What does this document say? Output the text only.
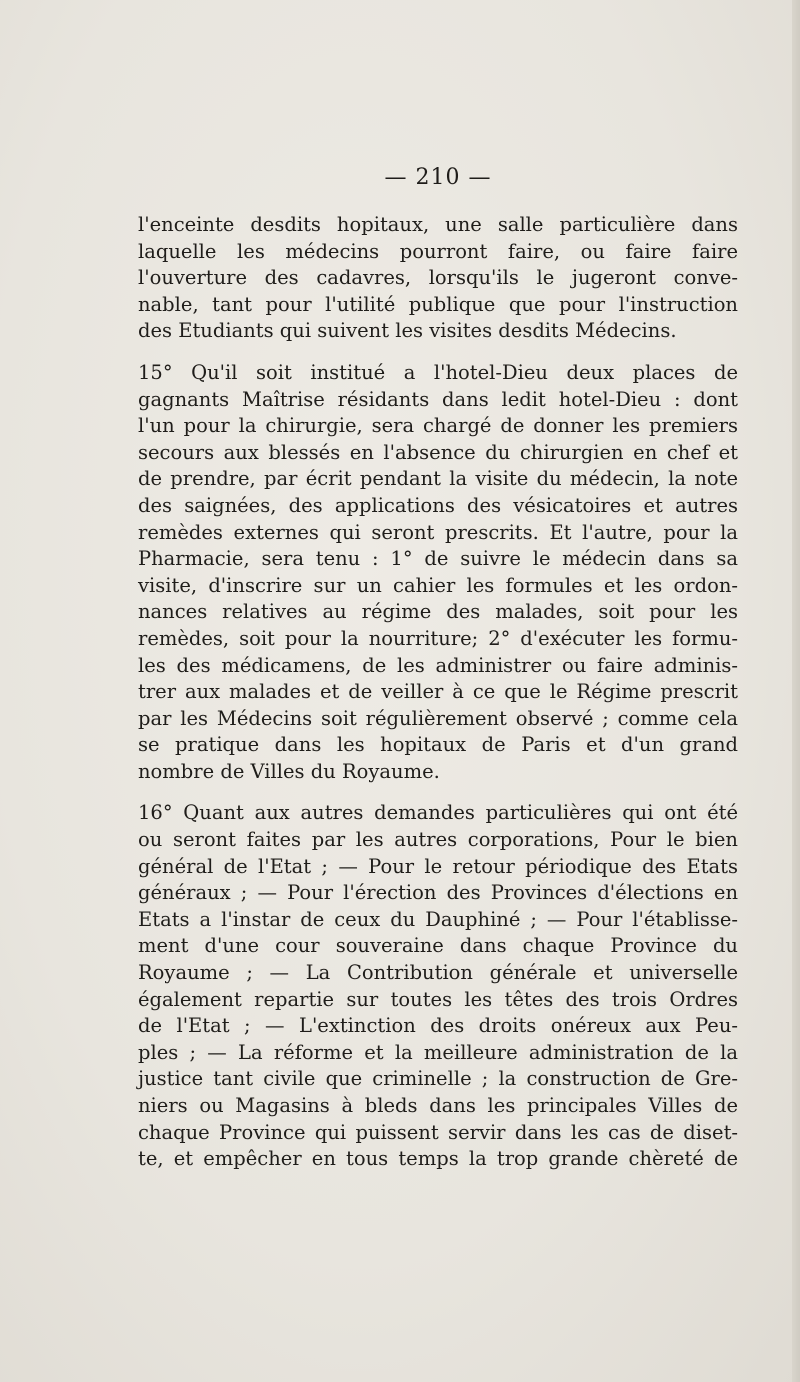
— 210 —
l'enceinte desdits hopitaux, une salle particulière dans
laquelle les médecins pourront faire, ou faire faire
l'ouverture des cadavres, lorsqu'ils le jugeront conve-
nable, tant pour l'utilité publique que pour l'instruction
des Etudiants qui suivent les visites desdits Médecins.
15° Qu'il soit institué a l'hotel-Dieu deux places de
gagnants Maîtrise résidants dans ledit hotel-Dieu : dont
l'un pour la chirurgie, sera chargé de donner les premiers
secours aux blessés en l'absence du chirurgien en chef et
de prendre, par écrit pendant la visite du médecin, la note
des saignées, des applications des vésicatoires et autres
remèdes externes qui seront prescrits. Et l'autre, pour la
Pharmacie, sera tenu : 1° de suivre le médecin dans sa
visite, d'inscrire sur un cahier les formules et les ordon-
nances relatives au régime des malades, soit pour les
remèdes, soit pour la nourriture; 2° d'exécuter les formu-
les des médicamens, de les administrer ou faire adminis-
trer aux malades et de veiller à ce que le Régime prescrit
par les Médecins soit régulièrement observé ; comme cela
se pratique dans les hopitaux de Paris et d'un grand
nombre de Villes du Royaume.
16° Quant aux autres demandes particulières qui ont été
ou seront faites par les autres corporations, Pour le bien
général de l'Etat ; — Pour le retour périodique des Etats
généraux ; — Pour l'érection des Provinces d'élections en
Etats a l'instar de ceux du Dauphiné ; — Pour l'établisse-
ment d'une cour souveraine dans chaque Province du
Royaume ; — La Contribution générale et universelle
également repartie sur toutes les têtes des trois Ordres
de l'Etat ; — L'extinction des droits onéreux aux Peu-
ples ; — La réforme et la meilleure administration de la
justice tant civile que criminelle ; la construction de Gre-
niers ou Magasins à bleds dans les principales Villes de
chaque Province qui puissent servir dans les cas de diset-
te, et empêcher en tous temps la trop grande chèreté de
